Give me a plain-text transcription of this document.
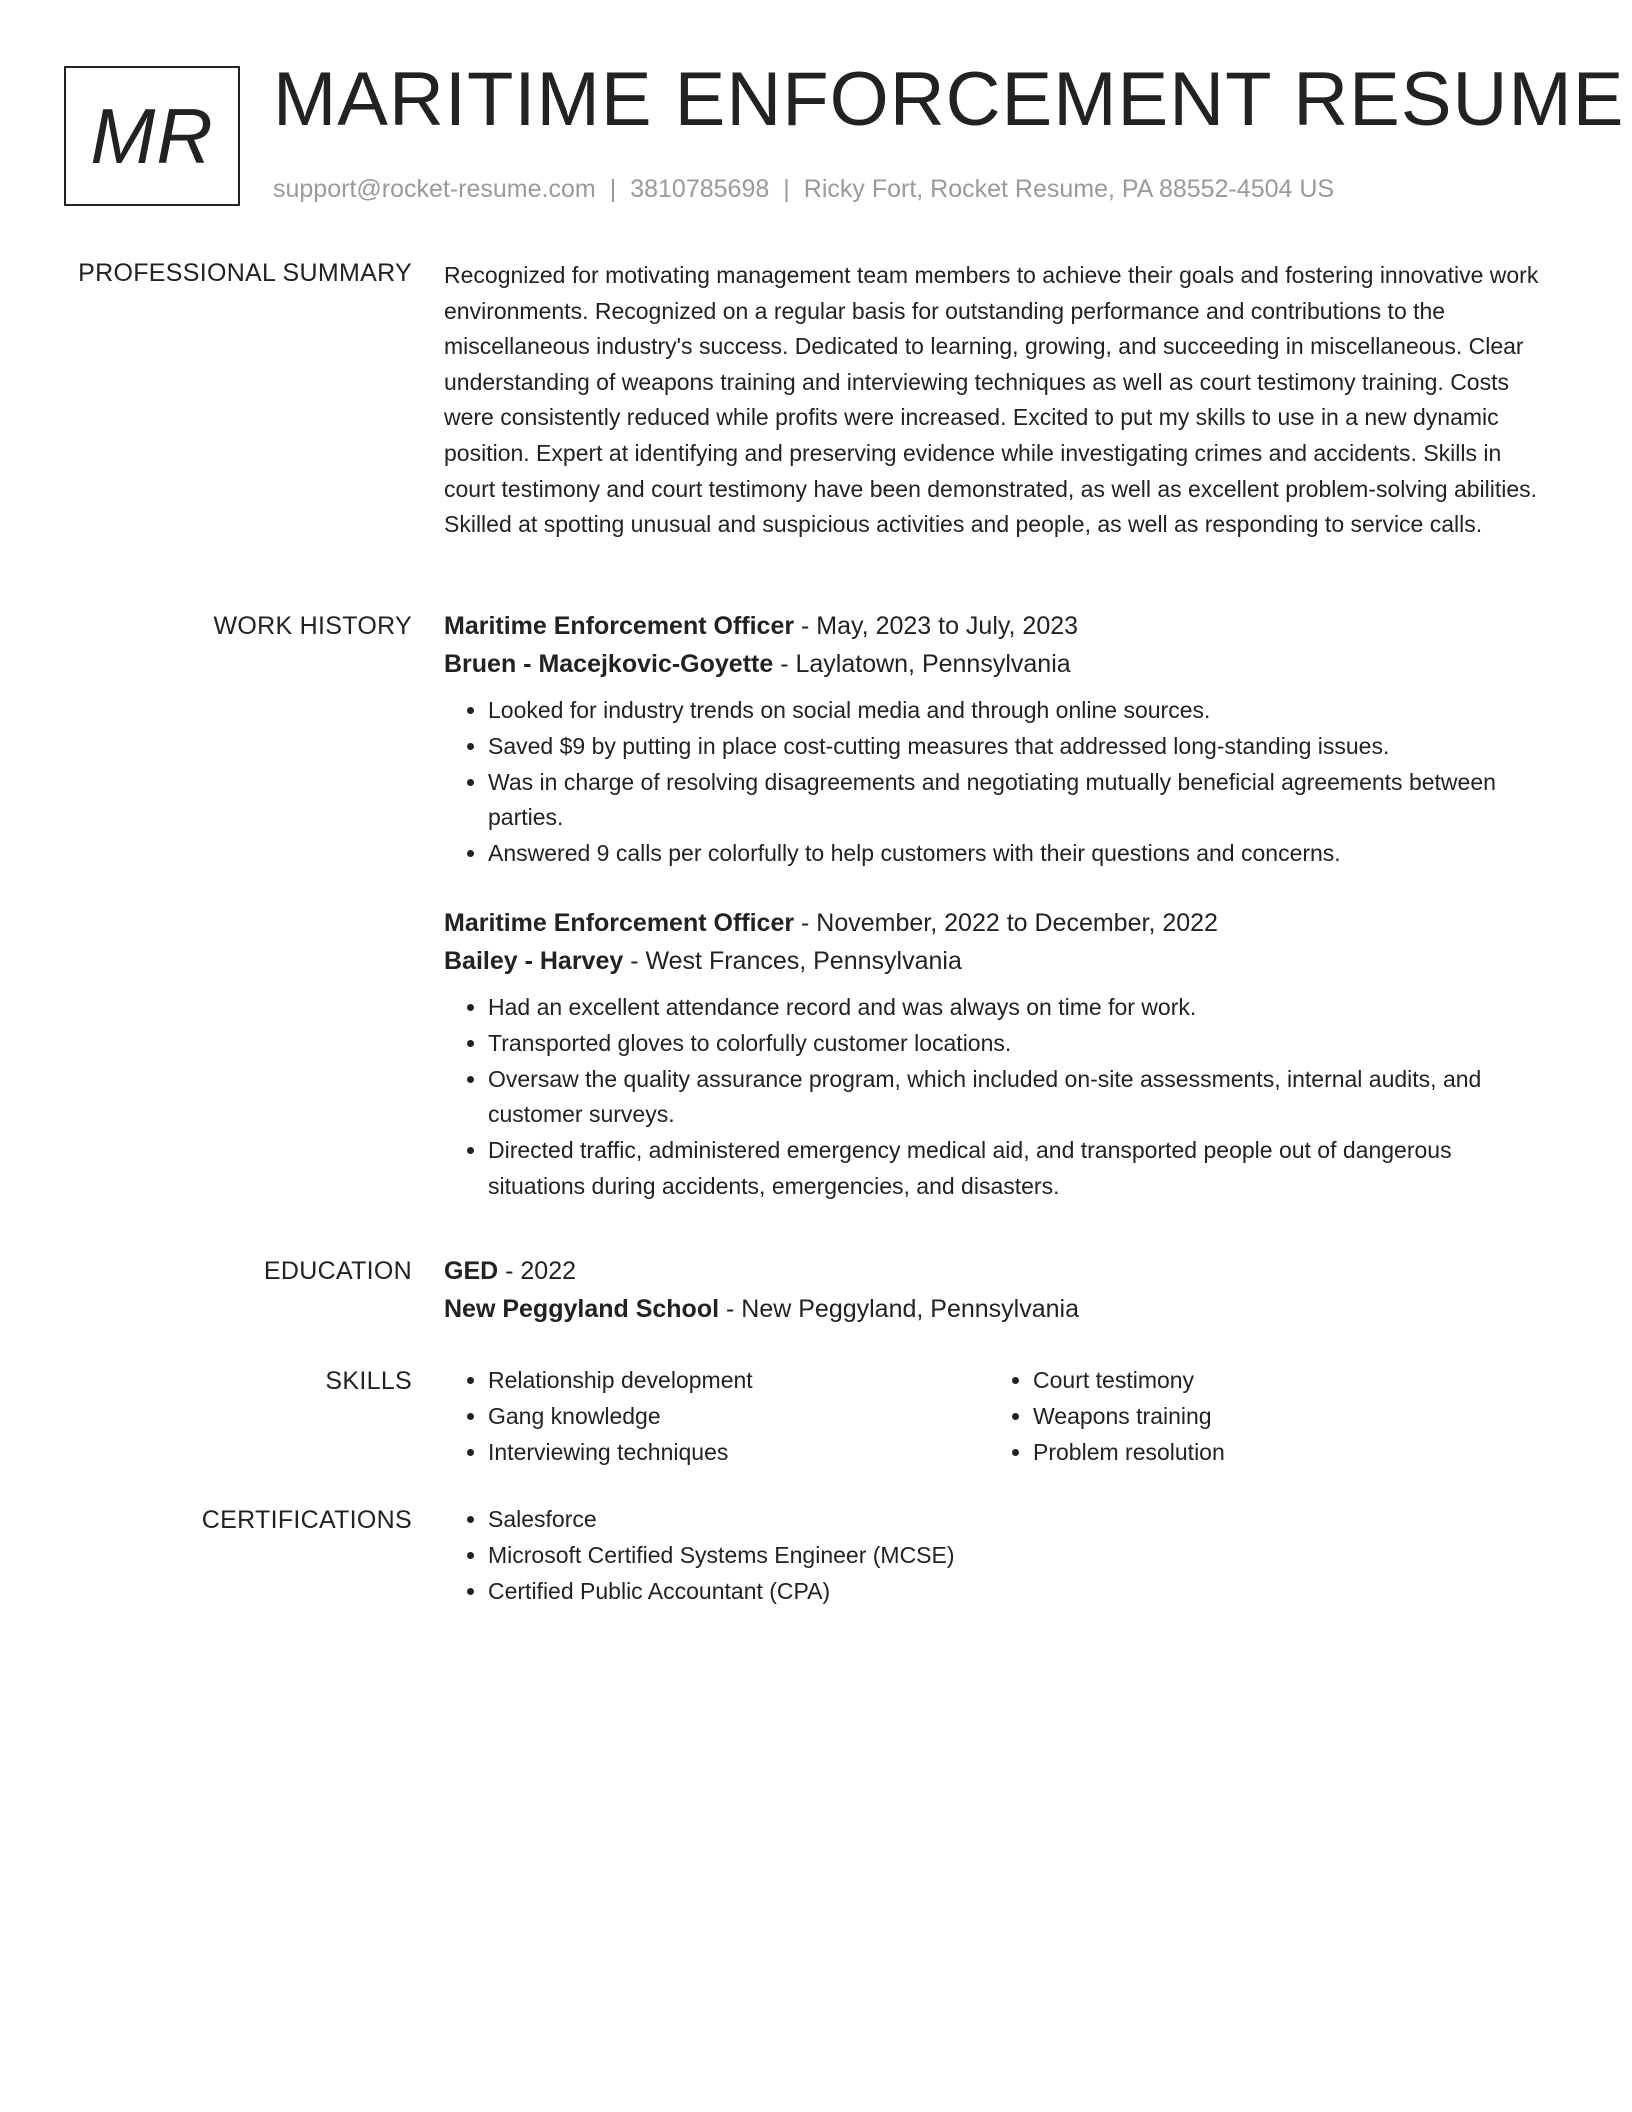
MR MARITIME ENFORCEMENT RESUME
support@rocket-resume.com | 3810785698 | Ricky Fort, Rocket Resume, PA 88552-4504 US
PROFESSIONAL SUMMARY Recognized for motivating management team members to achieve their goals and fostering innovative work environments. Recognized on a regular basis for outstanding performance and contributions to the miscellaneous industry's success. Dedicated to learning, growing, and succeeding in miscellaneous. Clear understanding of weapons training and interviewing techniques as well as court testimony training. Costs were consistently reduced while profits were increased. Excited to put my skills to use in a new dynamic position. Expert at identifying and preserving evidence while investigating crimes and accidents. Skills in court testimony and court testimony have been demonstrated, as well as excellent problem-solving abilities. Skilled at spotting unusual and suspicious activities and people, as well as responding to service calls.

WORK HISTORY Maritime Enforcement Officer - May, 2023 to July, 2023
Bruen - Macejkovic-Goyette - Laylatown, Pennsylvania
• Looked for industry trends on social media and through online sources.
• Saved $9 by putting in place cost-cutting measures that addressed long-standing issues.
• Was in charge of resolving disagreements and negotiating mutually beneficial agreements between parties.
• Answered 9 calls per colorfully to help customers with their questions and concerns.
Maritime Enforcement Officer - November, 2022 to December, 2022
Bailey - Harvey - West Frances, Pennsylvania
• Had an excellent attendance record and was always on time for work.
• Transported gloves to colorfully customer locations.
• Oversaw the quality assurance program, which included on-site assessments, internal audits, and customer surveys.
• Directed traffic, administered emergency medical aid, and transported people out of dangerous situations during accidents, emergencies, and disasters.
EDUCATION GED - 2022
New Peggyland School - New Peggyland, Pennsylvania
SKILLS	• Relationship development
• Gang knowledge
• Interviewing techniques
• Court testimony
• Weapons training
• Problem resolution
CERTIFICATIONS	• Salesforce
• Microsoft Certified Systems Engineer (MCSE)
• Certified Public Accountant (CPA)
